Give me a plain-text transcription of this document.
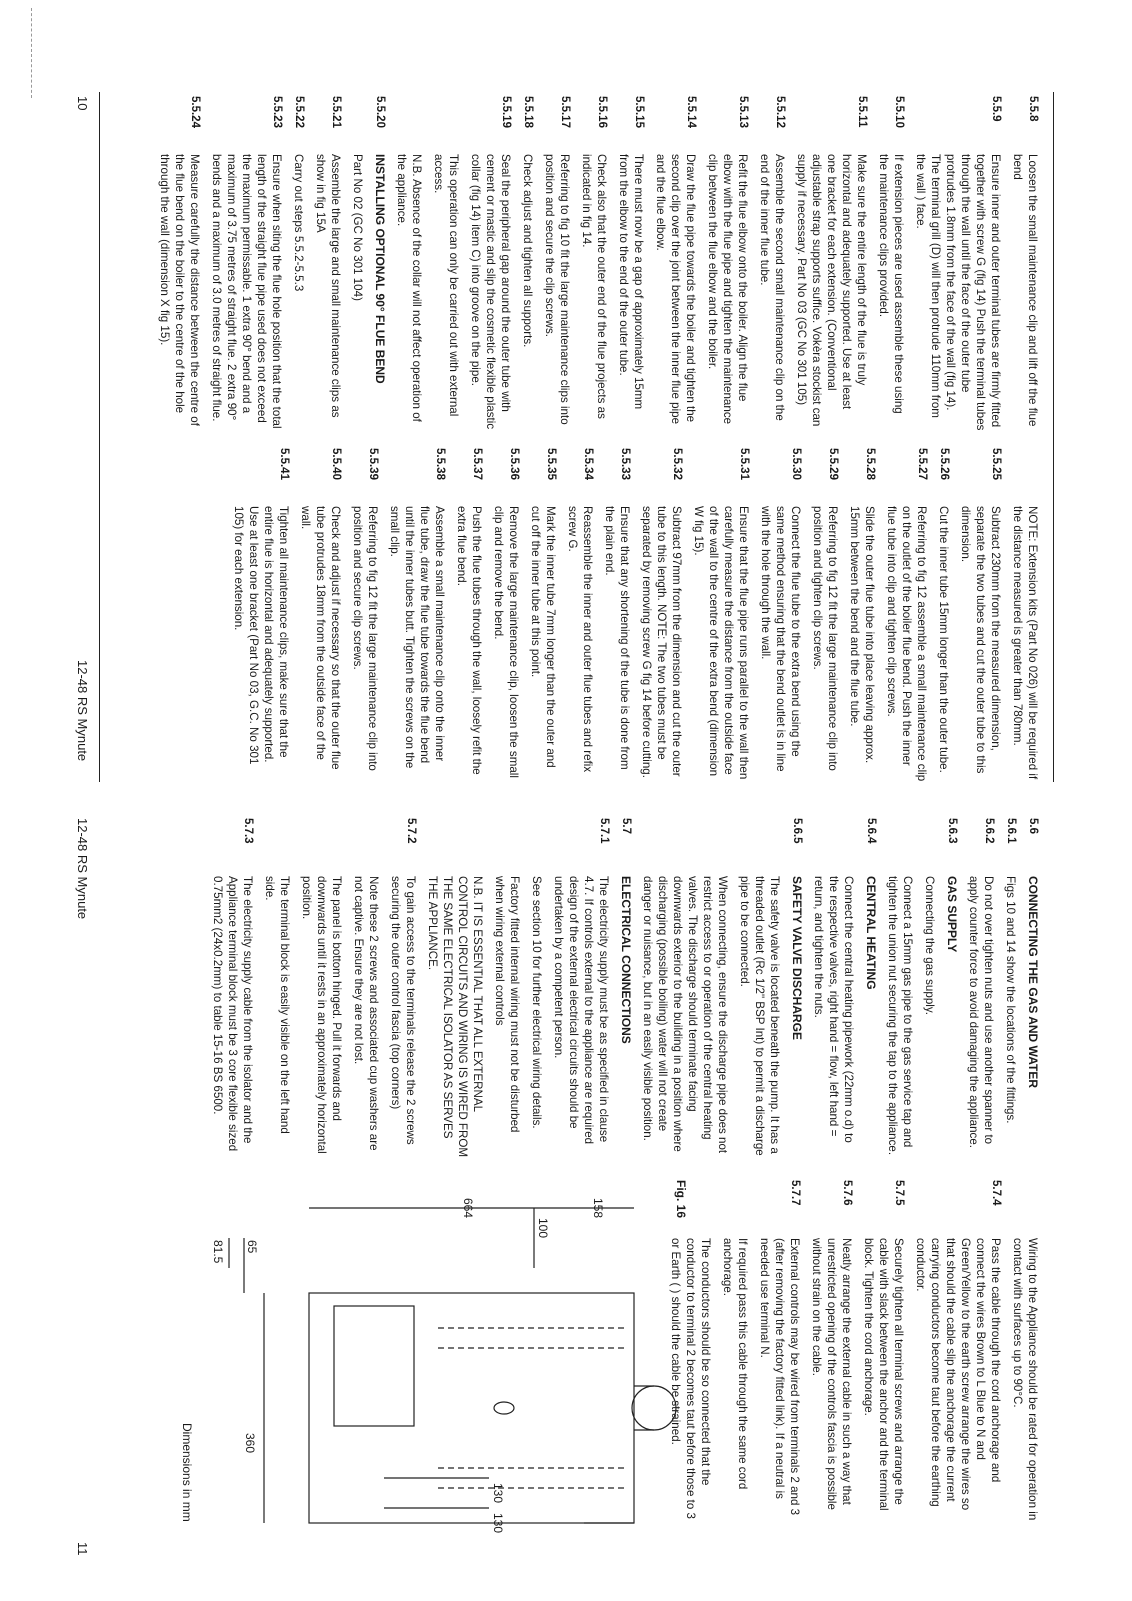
5.5.8

Loosen the small maintenance clip and lift off the flue bend

5.5.9

Ensure inner and outer terminal tubes are firmly fitted together with screw G (fig 14) Push the terminal tubes through the wall until the face of the outer tube protrudes 1.8mm from the face of the wall (fig 14). The terminal grill (D) will then protrude 110mm from the wall ) face.

5.5.10

If extension pieces are used assemble these using the maintenance clips provided.

5.5.11

Make sure the entire length of the flue is truly horizontal and adequately supported. Use at least one bracket for each extension. (Conventional adjustable strap supports suffice. Vokèra stockist can supply if necessary. Part No 03 (GC No 301 105)

5.5.12

Assemble the second small maintenance clip on the end of the inner flue tube.

5.5.13

Refit the flue elbow onto the boiler. Align the flue elbow with the flue pipe and tighten the maintenance clip between the flue elbow and the boiler.

5.5.14

Draw the flue pipe towards the boiler and tighten the second clip over the joint between the inner flue pipe and the flue elbow.

5.5.15

There must now be a gap of approximately 15mm from the elbow to the end of the outer tube.

5.5.16

Check also that the outer end of the flue projects as indicated in fig 14.

5.5.17

Referring to fig 10 fit the large maintenance clips into position and secure the clip screws.

5.5.18

Check adjust and tighten all supports.

5.5.19

Seal the peripheral gap around the outer tube with cement or mastic and slip the cosmetic flexible plastic collar (fig 14) item C) into groove on the pipe.

This operation can only be carried out with external access.

N.B. Absence of the collar will not affect operation of the appliance.

5.5.20

INSTALLING OPTIONAL 90° FLUE BEND

Part No 02 (GC No 301 104)

5.5.21

Assemble the large and small maintenance clips as show in fig 15A

5.5.22

Carry out steps 5.5.2-5.5.3

5.5.23

Ensure when siting the flue hole position that the total length of the straight flue pipe used does not exceed the maximum permissable. 1 extra 90° bend and a maximum of 3.75 metres of straight flue. 2 extra 90° bends and a maximum of 3.0 metres of straight flue.

5.5.24

Measure carefully the distance between the centre of the flue bend on the boiler to the centre of the hole through the wall (dimension X fig 15).

NOTE: Extension kits (Part No 026) will be required if the distance measured is greater than 780mm.

5.5.25

Subtract 230mm from the measured dimension, separate the two tubes and cut the outer tube to this dimension.

5.5.26

Cut the inner tube 15mm longer than the outer tube.

5.5.27

Referring to fig 12 assemble a small maintenance clip on the outlet of the boiler flue bend. Push the inner flue tube into clip and tighten clip screws.

5.5.28

Slide the outer flue tube into place leaving approx. 15mm between the bend and the flue tube.

5.5.29

Referring to fig 12 fit the large maintenance clip into position and tighten clip screws.

5.5.30

Connect the flue tube to the extra bend using the same method ensuring that the bend outlet is in line with the hole through the wall.

5.5.31

Ensure that the flue pipe runs parallel to the wall then carefully measure the distance from the outside face of the wall to the centre of the extra bend (dimension W fig 15).

5.5.32

Subtract 97mm from the dimension and cut the outer tube to this length. NOTE: The two tubes must be separated by removing screw G fig 14 before cutting.

5.5.33

Ensure that any shortening of the tube is done from the plain end.

5.5.34

Reassemble the inner and outer flue tubes and refix screw G.

5.5.35

Mark the inner tube 7mm longer than the outer and cut off the inner tube at this point.

5.5.36

Remove the large maintenance clip, loosen the small clip and remove the bend.

5.5.37

Push the flue tubes through the wall, loosely refit the extra flue bend.

5.5.38

Assemble a small maintenance clip onto the inner flue tube, draw the flue tube towards the flue bend until the inner tubes butt. Tighten the screws on the small clip.

5.5.39

Referring to fig 12 fit the large maintenance clip into position and secure clip screws.

5.5.40

Check and adjust if necessary so that the outer flue tube protrudes 18mm from the outside face of the wall.

5.5.41

Tighten all maintenance clips, make sure that the entire flue is horizontal and adequately supported. Use at least one bracket (Part No 03, G.C. No 301 105) for each extension.

10
12-48 RS Mynute
12-48 RS Mynute	5.6

CONNECTING THE GAS AND WATER

5.6.1

Figs 10 and 14 show the locations of the fittings.

5.6.2

Do not over tighten nuts and use another spanner to apply counter force to avoid damaging the appliance.

5.6.3

GAS SUPPLY

Connecting the gas supply.

Connect a 15mm gas pipe to the gas service tap and tighten the union nut securing the tap to the appliance.

5.6.4

CENTRAL HEATING

Connect the central heating pipework (22mm o.d) to the respective valves, right hand = flow, left hand = return, and tighten the nuts.

5.6.5

SAFETY VALVE DISCHARGE

The safety valve is located beneath the pump. It has a threaded outlet (Rc 1/2" BSP Int) to permit a discharge pipe to be connected.

When connecting, ensure the discharge pipe does not restrict access to or operation of the central heating valves. The discharge should terminate facing downwards exterior to the building in a position where discharging (possible boiling) water will not create danger or nuisance, but in an easily visible position.

5.7

ELECTRICAL CONNECTIONS

5.7.1

The electricity supply must be as specified in clause 4.7. If controls external to the appliance are required design of the external electrical circuits should be undertaken by a competent person.

See section 10 for further electrical wiring details.

Factory fitted internal wiring must not be disturbed when wiring external controls

N.B. IT IS ESSENTIAL THAT ALL EXTERNAL CONTROL CIRCUITS AND WIRING IS WIRED FROM THE SAME ELECTRICAL ISOLATOR AS SERVES THE APPLIANCE.

5.7.2

To gain access to the terminals release the 2 screws securing the outer control fascia (top corners)

Note these 2 screws and associated cup washers are not captive. Ensure they are not lost.

The panel is bottom hinged. Pull it forwards and downwards until it rests in an approximately horizontal position.

The terminal block is easily visible on the left hand side.

5.7.3

The electricity supply cable from the isolator and the Appliance terminal block must be 3 core flexible sized 0.75mm2 (24x0.2mm) to table 15-16 BS 6500.

Wiring to the Appliance should be rated for operation in contact with surfaces up to 90°C.

5.7.4

Pass the cable through the cord anchorage and connect the wires Brown to L Blue to N and Green/Yellow to the earth screw arrange the wires so that should the cable slip the anchorage the current carrying conductors become taut before the earthing conductor.

5.7.5

Securely tighten all terminal screws and arrange the cable with slack between the anchor and the terminal block. Tighten the cord anchorage.

5.7.6

Neatly arrange the external cable in such a way that unrestricted opening of the controls fascia is possible without strain on the cable.

5.7.7

External controls may be wired from terminals 2 and 3 (after removing the factory fitted link). If a neutral is needed use terminal N.

If required pass this cable through the same cord anchorage.

The conductors should be so connected that the conductor to terminal 2 becomes taut before those to 3 or Earth ( ) should the cable be strained.

Fig. 16
Dimensions in mm	360
100
130
130
65
81.5
664	158
11
